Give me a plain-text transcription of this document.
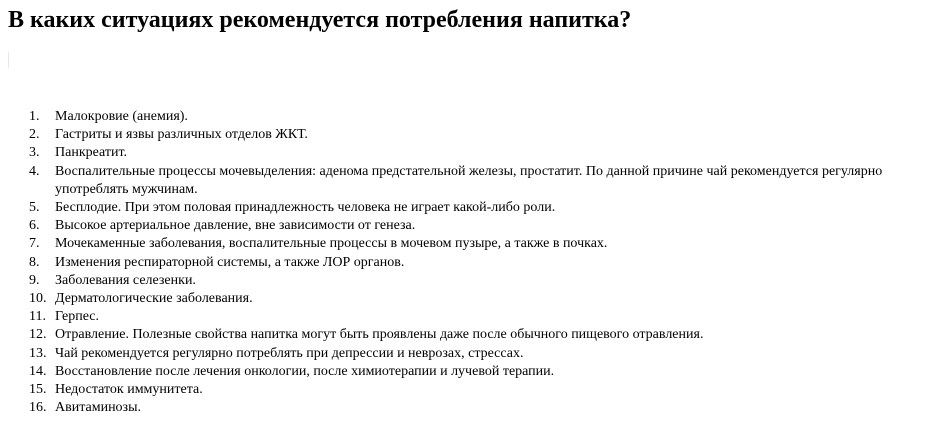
В каких ситуациях рекомендуется потребления напитка?
1.	Малокровие (анемия).
2.	Гастриты и язвы различных отделов ЖКТ.
3.	Панкреатит.
4.	Воспалительные процессы мочевыделения: аденома предстательной железы, простатит. По данной причине чай рекомендуется регулярно употреблять мужчинам.
5.	Бесплодие. При этом половая принадлежность человека не играет какой-либо роли.
6.	Высокое артериальное давление, вне зависимости от генеза.
7.	Мочекаменные заболевания, воспалительные процессы в мочевом пузыре, а также в почках.
8.	Изменения респираторной системы, а также ЛОР органов.
9.	Заболевания селезенки.
10. Дерматологические заболевания.
11. Герпес.
12. Отравление. Полезные свойства напитка могут быть проявлены даже после обычного пищевого отравления.
13. Чай рекомендуется регулярно потреблять при депрессии и неврозах, стрессах.
14. Восстановление после лечения онкологии, после химиотерапии и лучевой терапии.
15. Недостаток иммунитета.
16. Авитаминозы.
